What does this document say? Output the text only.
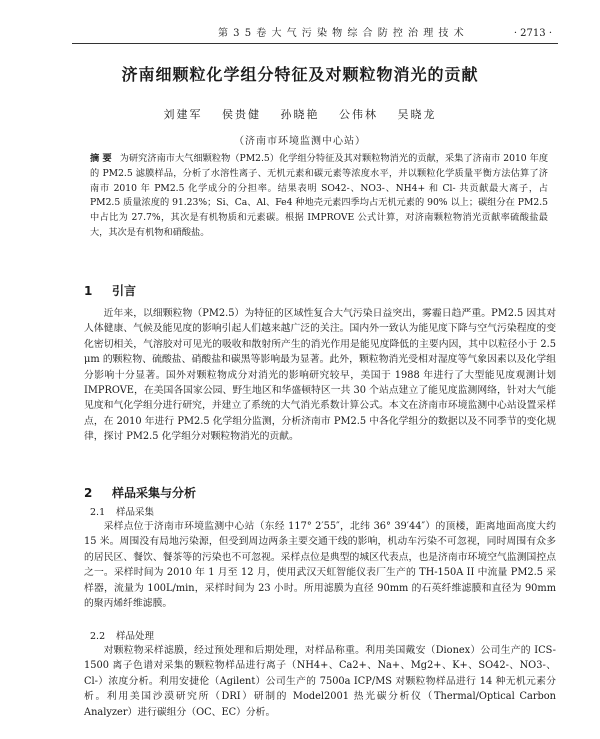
第 3 5 卷 大 气 污 染 物 综 合 防 控 治 理 技 术	· 2713 ·
济南细颗粒化学组分特征及对颗粒物消光的贡献
刘建军 侯贵健 孙晓艳 公伟林 吴晓龙
（济南市环境监测中心站）
摘 要 为研究济南市大气细颗粒物（PM2.5）化学组分特征及其对颗粒物消光的贡献，采集了济南市 2010 年度的 PM2.5 滤膜样品，分析了水溶性离子、无机元素和碳元素等浓度水平，并以颗粒化学质量平衡方法估算了济南市 2010 年 PM2.5 化学成分的分担率。结果表明 SO42-、NO3-、NH4+ 和 Cl- 共贡献最大离子，占 PM2.5 质量浓度的 91.23%；Si、Ca、Al、Fe4 种地壳元素四季均占无机元素的 90% 以上；碳组分在 PM2.5 中占比为 27.7%，其次是有机物质和元素碳。根据 IMPROVE 公式计算，对济南颗粒物消光贡献率硫酸盐最大，其次是有机物和硝酸盐。
1 引言
近年来，以细颗粒物（PM2.5）为特征的区域性复合大气污染日益突出，雾霾日趋严重。PM2.5 因其对人体健康、气候及能见度的影响引起人们越来越广泛的关注。国内外一致认为能见度下降与空气污染程度的变化密切相关，气溶胶对可见光的吸收和散射所产生的消光作用是能见度降低的主要内因，其中以粒径小于 2.5 μm 的颗粒物、硫酸盐、硝酸盐和碳黑等影响最为显著。此外，颗粒物消光受相对湿度等气象因素以及化学组分影响十分显著。国外对颗粒物成分对消光的影响研究较早，美国于 1988 年进行了大型能见度观测计划 IMPROVE，在美国各国家公园、野生地区和华盛顿特区一共 30 个站点建立了能见度监测网络，针对大气能见度和气化学组分进行研究，并建立了系统的大气消光系数计算公式。本文在济南市环境监测中心站设置采样点，在 2010 年进行 PM2.5 化学组分监测，分析济南市 PM2.5 中各化学组分的数据以及不同季节的变化规律，探讨 PM2.5 化学组分对颗粒物消光的贡献。
2 样品采集与分析
2.1 样品采集
采样点位于济南市环境监测中心站（东经 117° 2′55″，北纬 36° 39′44″）的顶楼，距离地面高度大约 15 米。周围没有局地污染源，但受到周边两条主要交通干线的影响，机动车污染不可忽视，同时周围有众多的居民区、餐饮、餐茶等的污染也不可忽视。采样点位是典型的城区代表点，也是济南市环境空气监测国控点之一。采样时间为 2010 年 1 月至 12 月，使用武汉天虹智能仪表厂生产的 TH-150A II 中流量 PM2.5 采样器，流量为 100L/min，采样时间为 23 小时。所用滤膜为直径 90mm 的石英纤维滤膜和直径为 90mm 的聚丙烯纤维滤膜。
2.2 样品处理
对颗粒物采样滤膜，经过预处理和后期处理，对样品称重。利用美国戴安（Dionex）公司生产的 ICS-1500 离子色谱对采集的颗粒物样品进行离子（NH4+、Ca2+、Na+、Mg2+、K+、SO42-、NO3-、Cl-）浓度分析。利用安捷伦（Agilent）公司生产的 7500a ICP/MS 对颗粒物样品进行 14 种无机元素分析。利用美国沙漠研究所（DRI）研制的 Model2001 热光碳分析仪（Thermal/Optical Carbon Analyzer）进行碳组分（OC、EC）分析。
